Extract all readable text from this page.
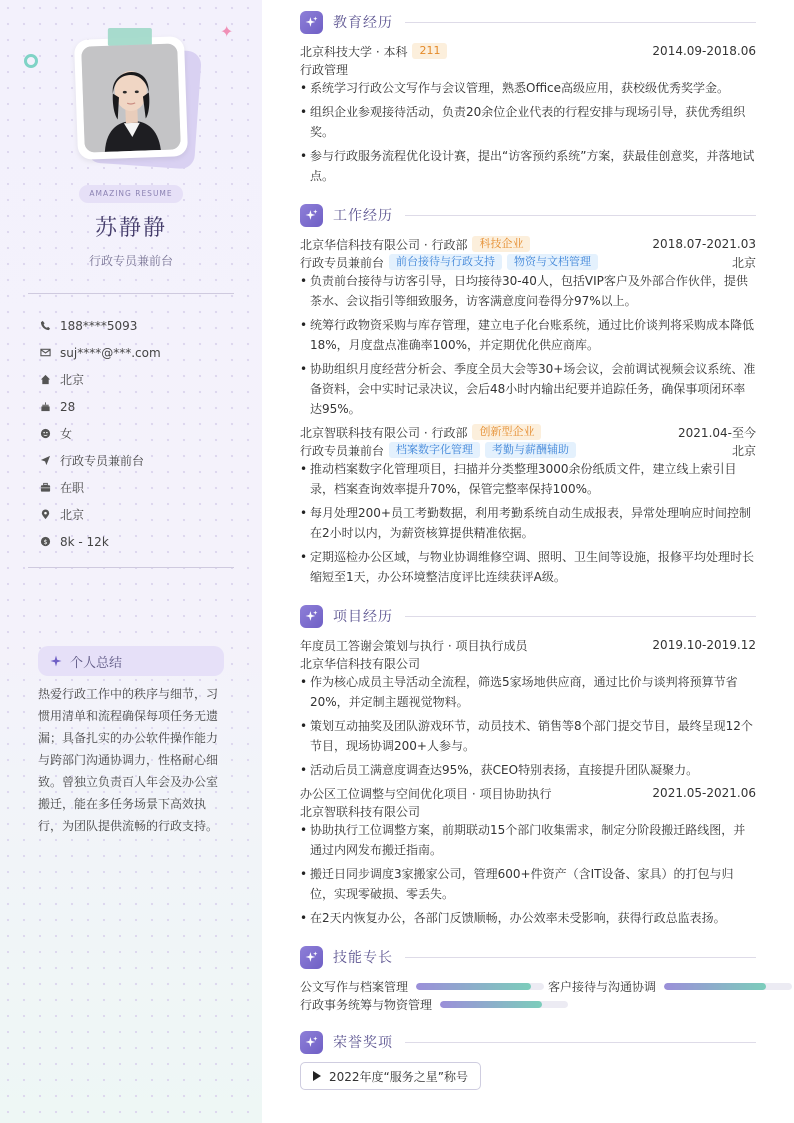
✦
AMAZING RESUME
苏静静
行政专员兼前台
188****5093
suj****@***.com
北京
28
女
行政专员兼前台
在职
北京
$ 8k - 12k
个人总结
热爱行政工作中的秩序与细节，习惯用清单和流程确保每项任务无遗漏；具备扎实的办公软件操作能力与跨部门沟通协调力，性格耐心细致。曾独立负责百人年会及办公室搬迁，能在多任务场景下高效执行，为团队提供流畅的行政支持。
教育经历
北京科技大学 · 本科	211	2014.09-2018.06
行政管理
• 系统学习行政公文写作与会议管理，熟悉Office高级应用，获校级优秀奖学金。
• 组织企业参观接待活动，负责20余位企业代表的行程安排与现场引导，获优秀组织奖。
• 参与行政服务流程优化设计赛，提出“访客预约系统”方案，获最佳创意奖，并落地试点。
工作经历
北京华信科技有限公司 · 行政部	科技企业	2018.07-2021.03
行政专员兼前台	前台接待与行政支持	物资与文档管理	北京
• 负责前台接待与访客引导，日均接待30-40人，包括VIP客户及外部合作伙伴，提供茶水、会议指引等细致服务，访客满意度问卷得分97%以上。
• 统筹行政物资采购与库存管理，建立电子化台账系统，通过比价谈判将采购成本降低18%，月度盘点准确率100%，并定期优化供应商库。
• 协助组织月度经营分析会、季度全员大会等30+场会议，会前调试视频会议系统、准备资料，会中实时记录决议，会后48小时内输出纪要并追踪任务，确保事项闭环率达95%。
北京智联科技有限公司 · 行政部	创新型企业	2021.04-至今
行政专员兼前台	档案数字化管理	考勤与薪酬辅助	北京
• 推动档案数字化管理项目，扫描并分类整理3000余份纸质文件，建立线上索引目录，档案查询效率提升70%，保管完整率保持100%。
• 每月处理200+员工考勤数据，利用考勤系统自动生成报表，异常处理响应时间控制在2小时以内，为薪资核算提供精准依据。
• 定期巡检办公区域，与物业协调维修空调、照明、卫生间等设施，报修平均处理时长缩短至1天，办公环境整洁度评比连续获评A级。
项目经历
年度员工答谢会策划与执行 · 项目执行成员	2019.10-2019.12
北京华信科技有限公司
• 作为核心成员主导活动全流程，筛选5家场地供应商，通过比价与谈判将预算节省20%，并定制主题视觉物料。
• 策划互动抽奖及团队游戏环节，动员技术、销售等8个部门提交节目，最终呈现12个节目，现场协调200+人参与。
• 活动后员工满意度调查达95%，获CEO特别表扬，直接提升团队凝聚力。
办公区工位调整与空间优化项目 · 项目协助执行	2021.05-2021.06
北京智联科技有限公司
• 协助执行工位调整方案，前期联动15个部门收集需求，制定分阶段搬迁路线图，并通过内网发布搬迁指南。
• 搬迁日同步调度3家搬家公司，管理600+件资产（含IT设备、家具）的打包与归位，实现零破损、零丢失。
• 在2天内恢复办公，各部门反馈顺畅，办公效率未受影响，获得行政总监表扬。
技能专长
公文写作与档案管理	客户接待与沟通协调
行政事务统筹与物资管理
荣誉奖项
2022年度“服务之星”称号
